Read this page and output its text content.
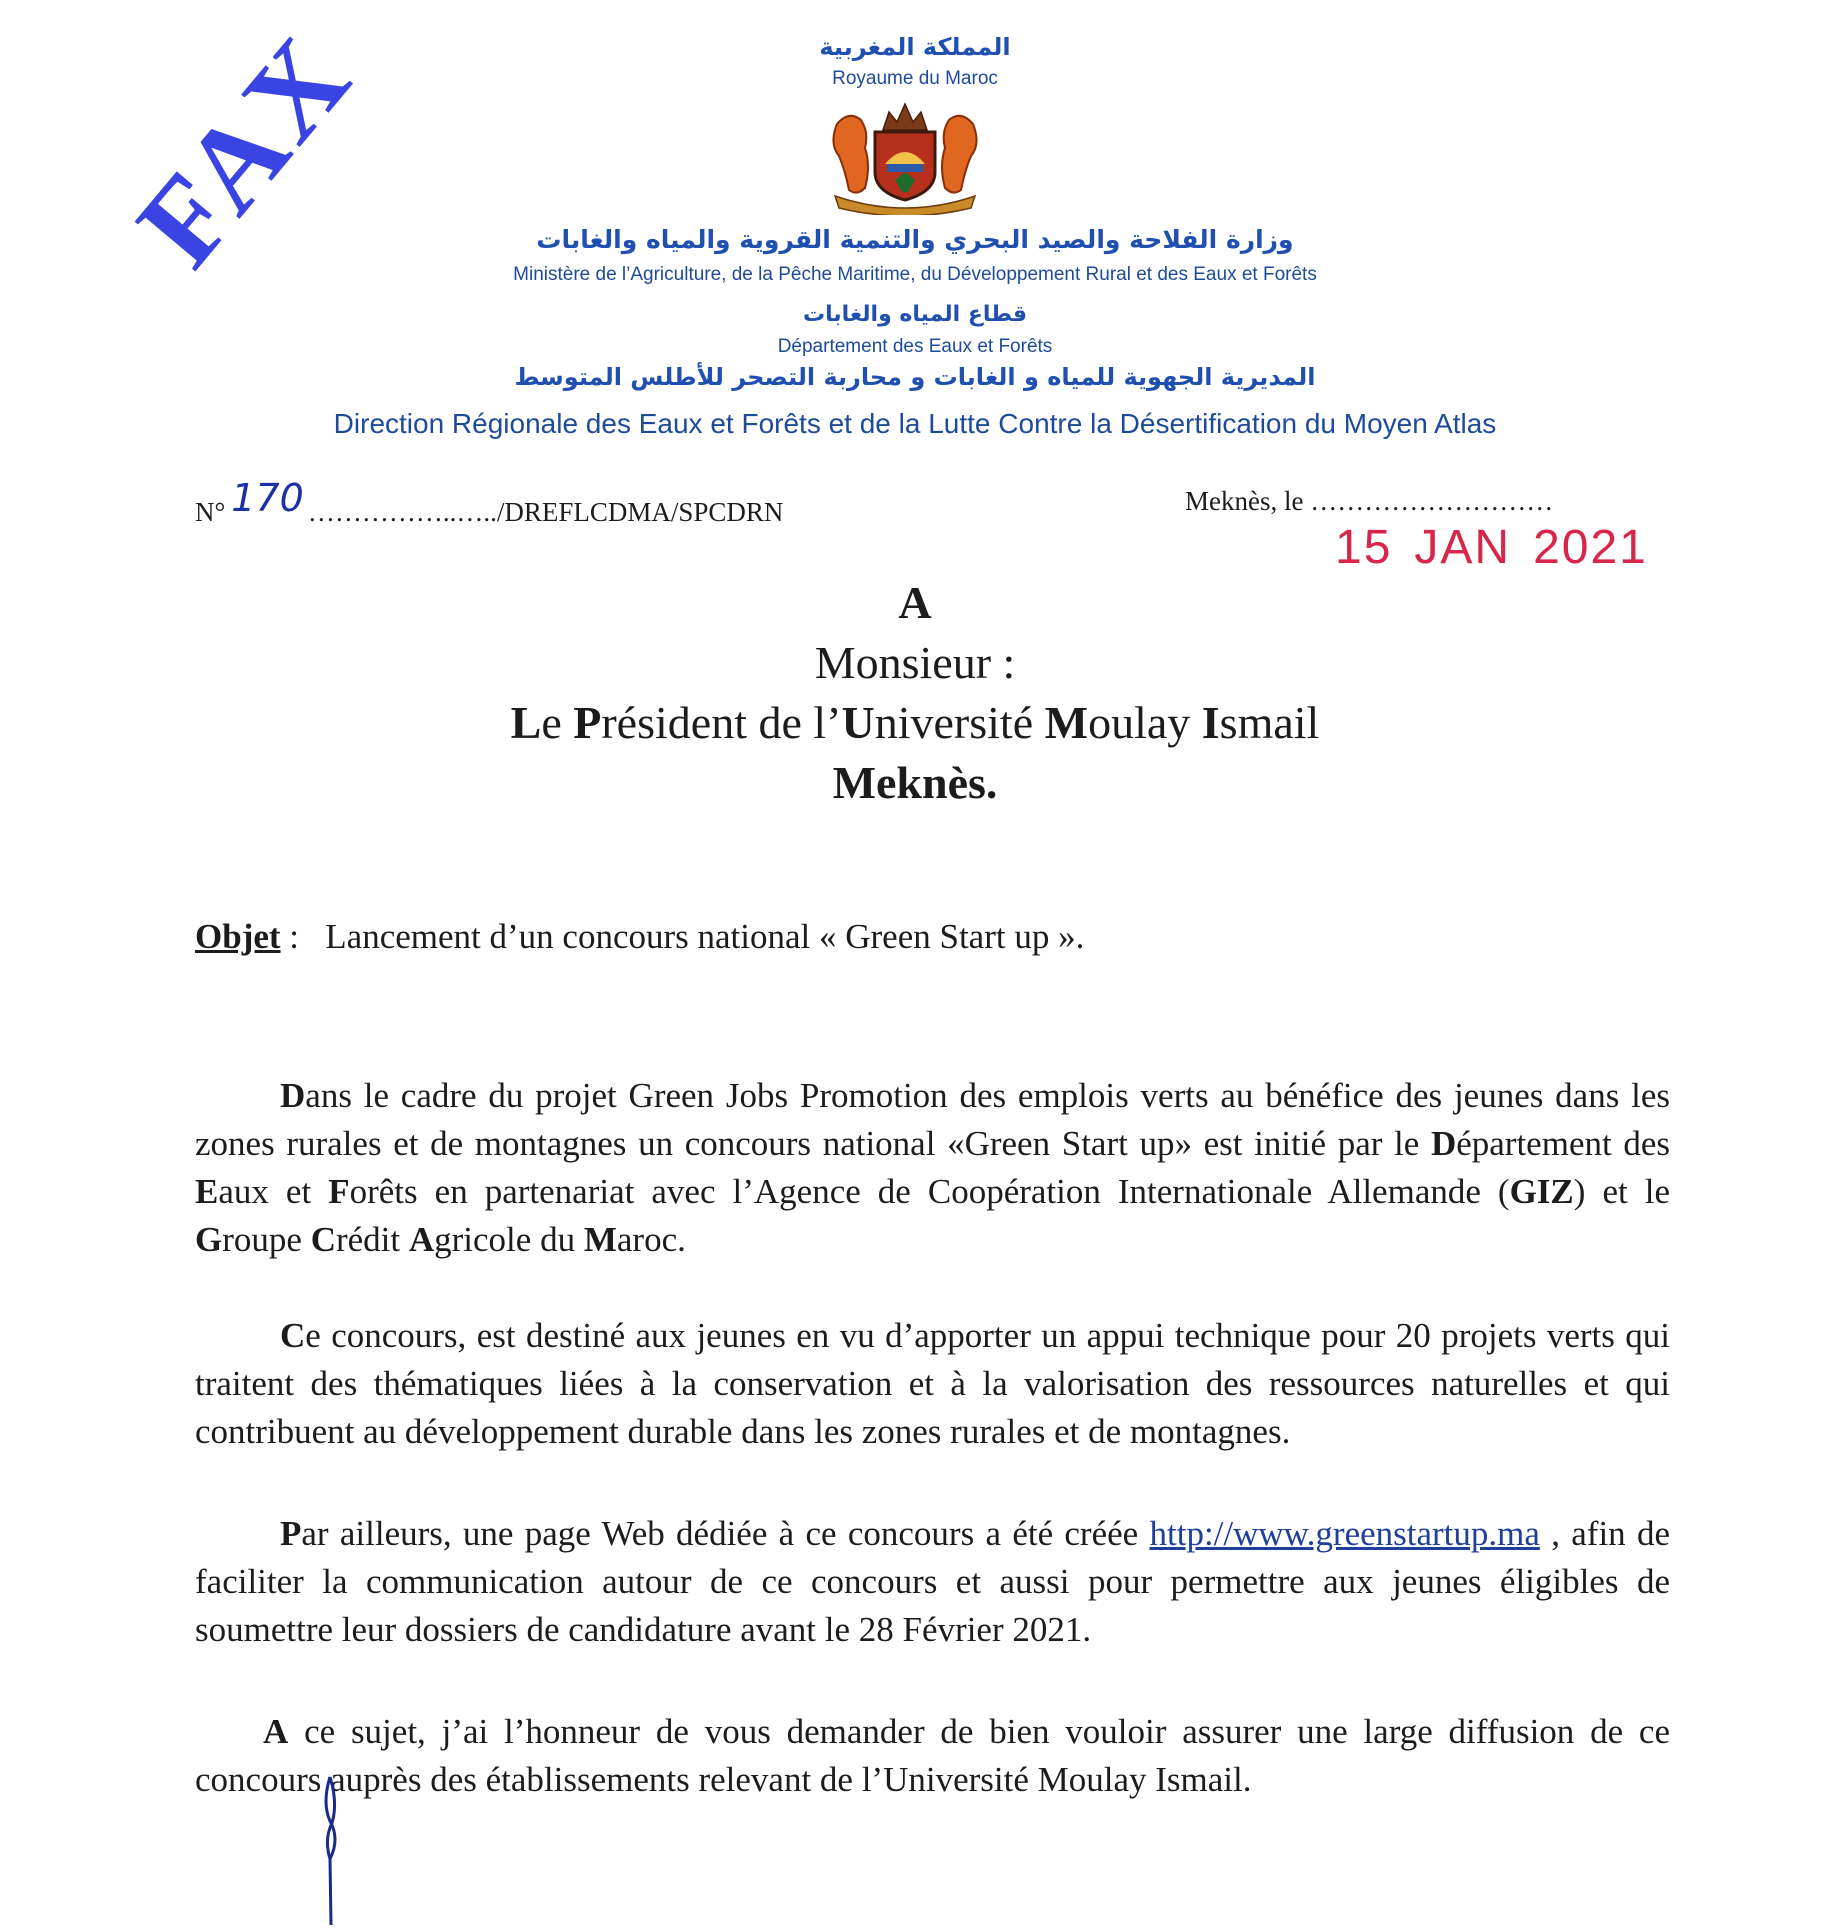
FAX	المملكة المغربية
Royaume du Maroc
وزارة الفلاحة والصيد البحري والتنمية القروية والمياه والغابات
Ministère de l’Agriculture, de la Pêche Maritime, du Développement Rural et des Eaux et Forêts
قطاع المياه والغابات
Département des Eaux et Forêts
المديرية الجهوية للمياه و الغابات و محاربة التصحر للأطلس المتوسط
Direction Régionale des Eaux et Forêts et de la Lutte Contre la Désertification du Moyen Atlas
N° 170 ……………..…../DREFLCDMA/SPCDRN	Meknès, le ………………………
15 JAN 2021
A
Monsieur :
Le Président de l’Université Moulay Ismail
Meknès.
Objet : Lancement d’un concours national « Green Start up ».
Dans le cadre du projet Green Jobs Promotion des emplois verts au bénéfice des jeunes dans les zones rurales et de montagnes un concours national «Green Start up» est initié par le Département des Eaux et Forêts en partenariat avec l’Agence de Coopération Internationale Allemande (GIZ) et le Groupe Crédit Agricole du Maroc.
Ce concours, est destiné aux jeunes en vu d’apporter un appui technique pour 20 projets verts qui traitent des thématiques liées à la conservation et à la valorisation des ressources naturelles et qui contribuent au développement durable dans les zones rurales et de montagnes.
Par ailleurs, une page Web dédiée à ce concours a été créée http://www.greenstartup.ma , afin de faciliter la communication autour de ce concours et aussi pour permettre aux jeunes éligibles de soumettre leur dossiers de candidature avant le 28 Février 2021.
A ce sujet, j’ai l’honneur de vous demander de bien vouloir assurer une large diffusion de ce concours auprès des établissements relevant de l’Université Moulay Ismail.
